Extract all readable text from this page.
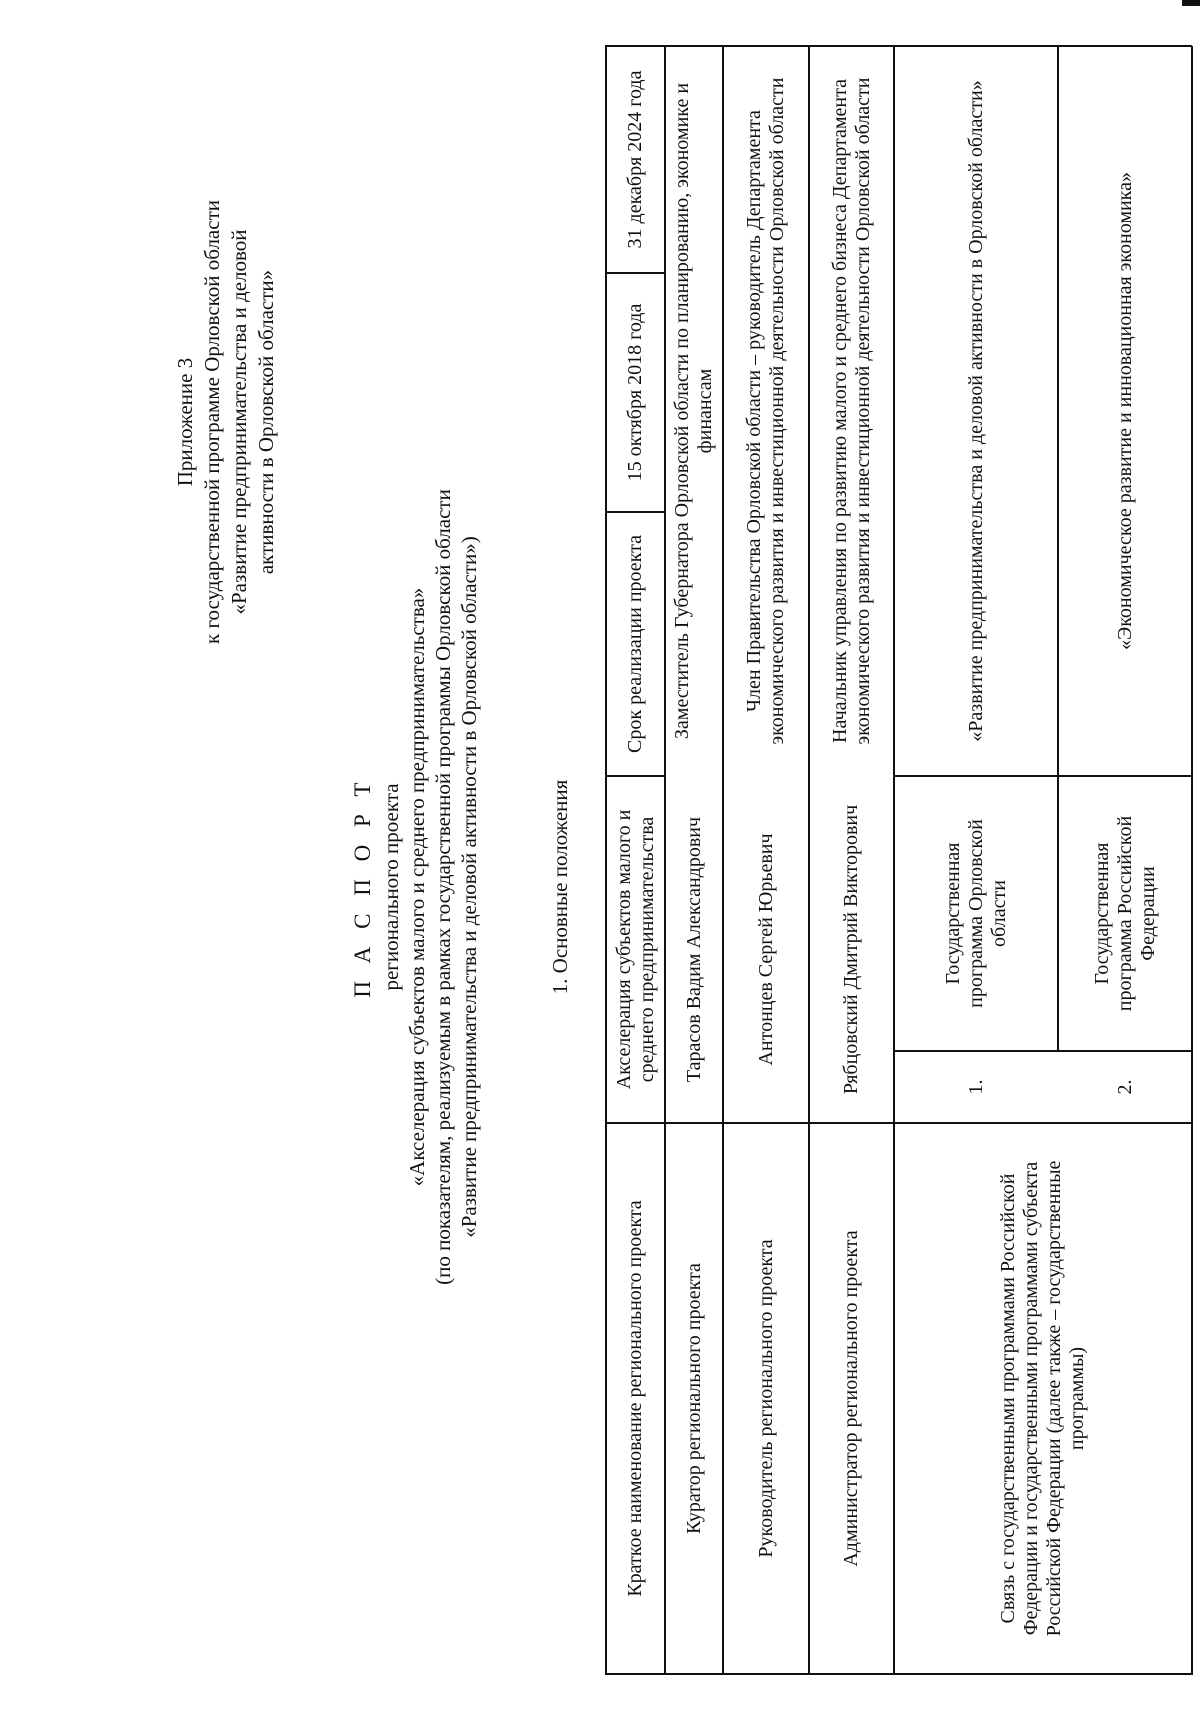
Приложение 3 к государственной программе Орловской области «Развитие предпринимательства и деловой активности в Орловской области»
П А С П О Р Т регионального проекта «Акселерация субъектов малого и среднего предпринимательства» (по показателям, реализуемым в рамках государственной программы Орловской области «Развитие предпринимательства и деловой активности в Орловской области»)	1. Основные положения
Краткое наименование регионального проекта
Акселерация субъектов малого и среднего предпринимательства
Срок реализации проекта
15 октября 2018 года
31 декабря 2024 года
Куратор регионального проекта
Тарасов Вадим Александрович
Заместитель Губернатора Орловской области по планированию, экономике и финансам
Руководитель регионального проекта
Антонцев Сергей Юрьевич
Член Правительства Орловской области – руководитель Департамента экономического развития и инвестиционной деятельности Орловской области
Администратор регионального проекта
Рябцовский Дмитрий Викторович
Начальник управления по развитию малого и среднего бизнеса Департамента экономического развития и инвестиционной деятельности Орловской области
Связь с государственными программами Российской Федерации и государственными программами субъекта Российской Федерации (далее также – государственные программы)
1.
Государственная программа Орловской области
«Развитие предпринимательства и деловой активности в Орловской области»
2.
Государственная программа Российской Федерации
«Экономическое развитие и инновационная экономика»
